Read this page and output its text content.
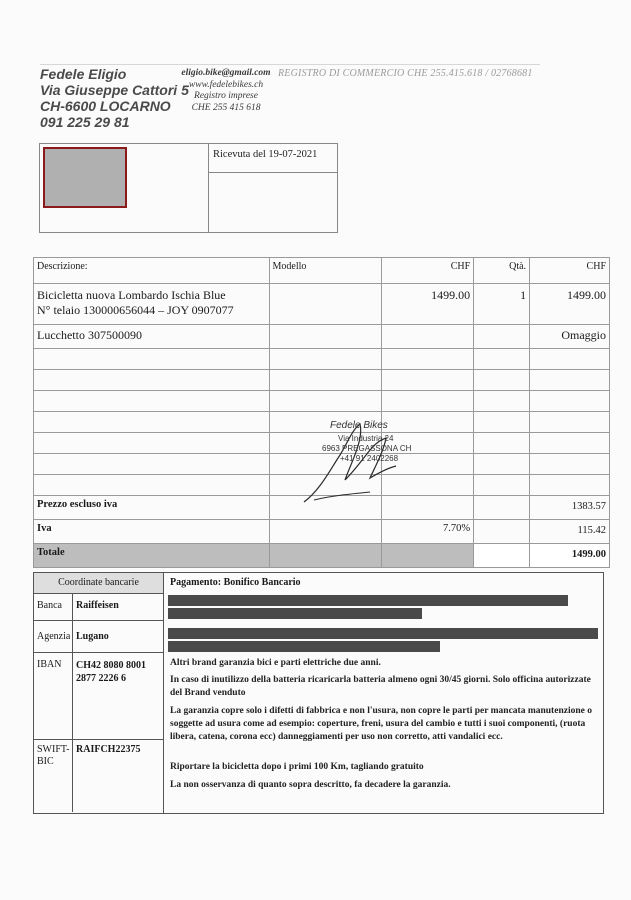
Fedele Eligio
Via Giuseppe Cattori 5
CH-6600 LOCARNO
091 225 29 81
eligio.bike@gmail.com
www.fedelebikes.ch
Registro imprese
CHE 255 415 618
REGISTRO DI COMMERCIO CHE 255.415.618 / 02768681
Ricevuta del 19-07-2021
Descrizione:	Modello	CHF	Qtà.	CHF

Bicicletta nuova Lombardo Ischia Blue
N° telaio 130000656044 – JOY 0907077		1499.00	1	1499.00
Lucchetto 307500090				Omaggio

Prezzo escluso iva				1383.57
Iva		7.70%		115.42
Totale				1499.00
Fedele Bikes
Via Industria 24
6963 PREGASSONA CH
+41 91 2402268
Coordinate bancarie
Banca	Raiffeisen
Agenzia Lugano
IBAN	CH42 8080 8001
2877 2226 6
SWIFT-
BIC
RAIFCH22375
Pagamento: Bonifico Bancario
Altri brand garanzia bici e parti elettriche due anni.
In caso di inutilizzo della batteria ricaricarla batteria almeno ogni 30/45 giorni. Solo officina autorizzate del Brand venduto
La garanzia copre solo i difetti di fabbrica e non l'usura, non copre le parti per mancata manutenzione o soggette ad usura come ad esempio: coperture, freni, usura del cambio e tutti i suoi componenti, (ruota libera, catena, corona ecc) danneggiamenti per uso non corretto, atti vandalici ecc.
Riportare la bicicletta dopo i primi 100 Km, tagliando gratuito
La non osservanza di quanto sopra descritto, fa decadere la garanzia.
